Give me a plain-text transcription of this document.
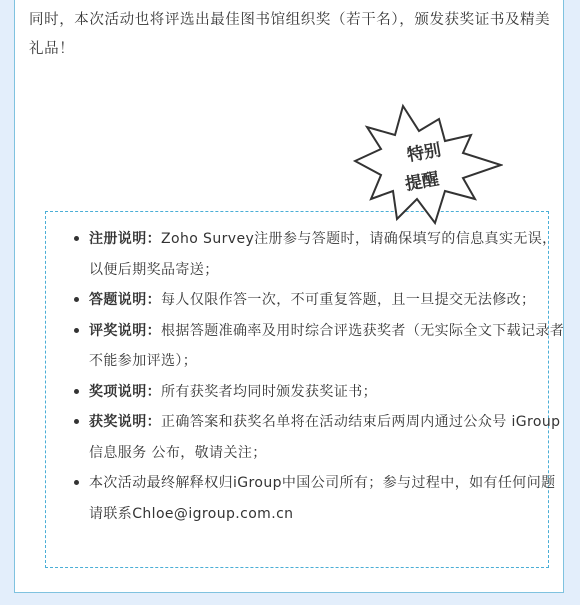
同时，本次活动也将评选出最佳图书馆组织奖（若干名），颁发获奖证书及精美礼品！

注册说明：Zoho Survey注册参与答题时，请确保填写的信息真实无误，以便后期奖品寄送；
答题说明：每人仅限作答一次，不可重复答题，且一旦提交无法修改；
评奖说明：根据答题准确率及用时综合评选获奖者（无实际全文下载记录者不能参加评选）；
奖项说明：所有获奖者均同时颁发获奖证书；
获奖说明：正确答案和获奖名单将在活动结束后两周内通过公众号 iGroup信息服务 公布，敬请关注；
本次活动最终解释权归iGroup中国公司所有；参与过程中，如有任何问题请联系Chloe@igroup.com.cn
特别
提醒
